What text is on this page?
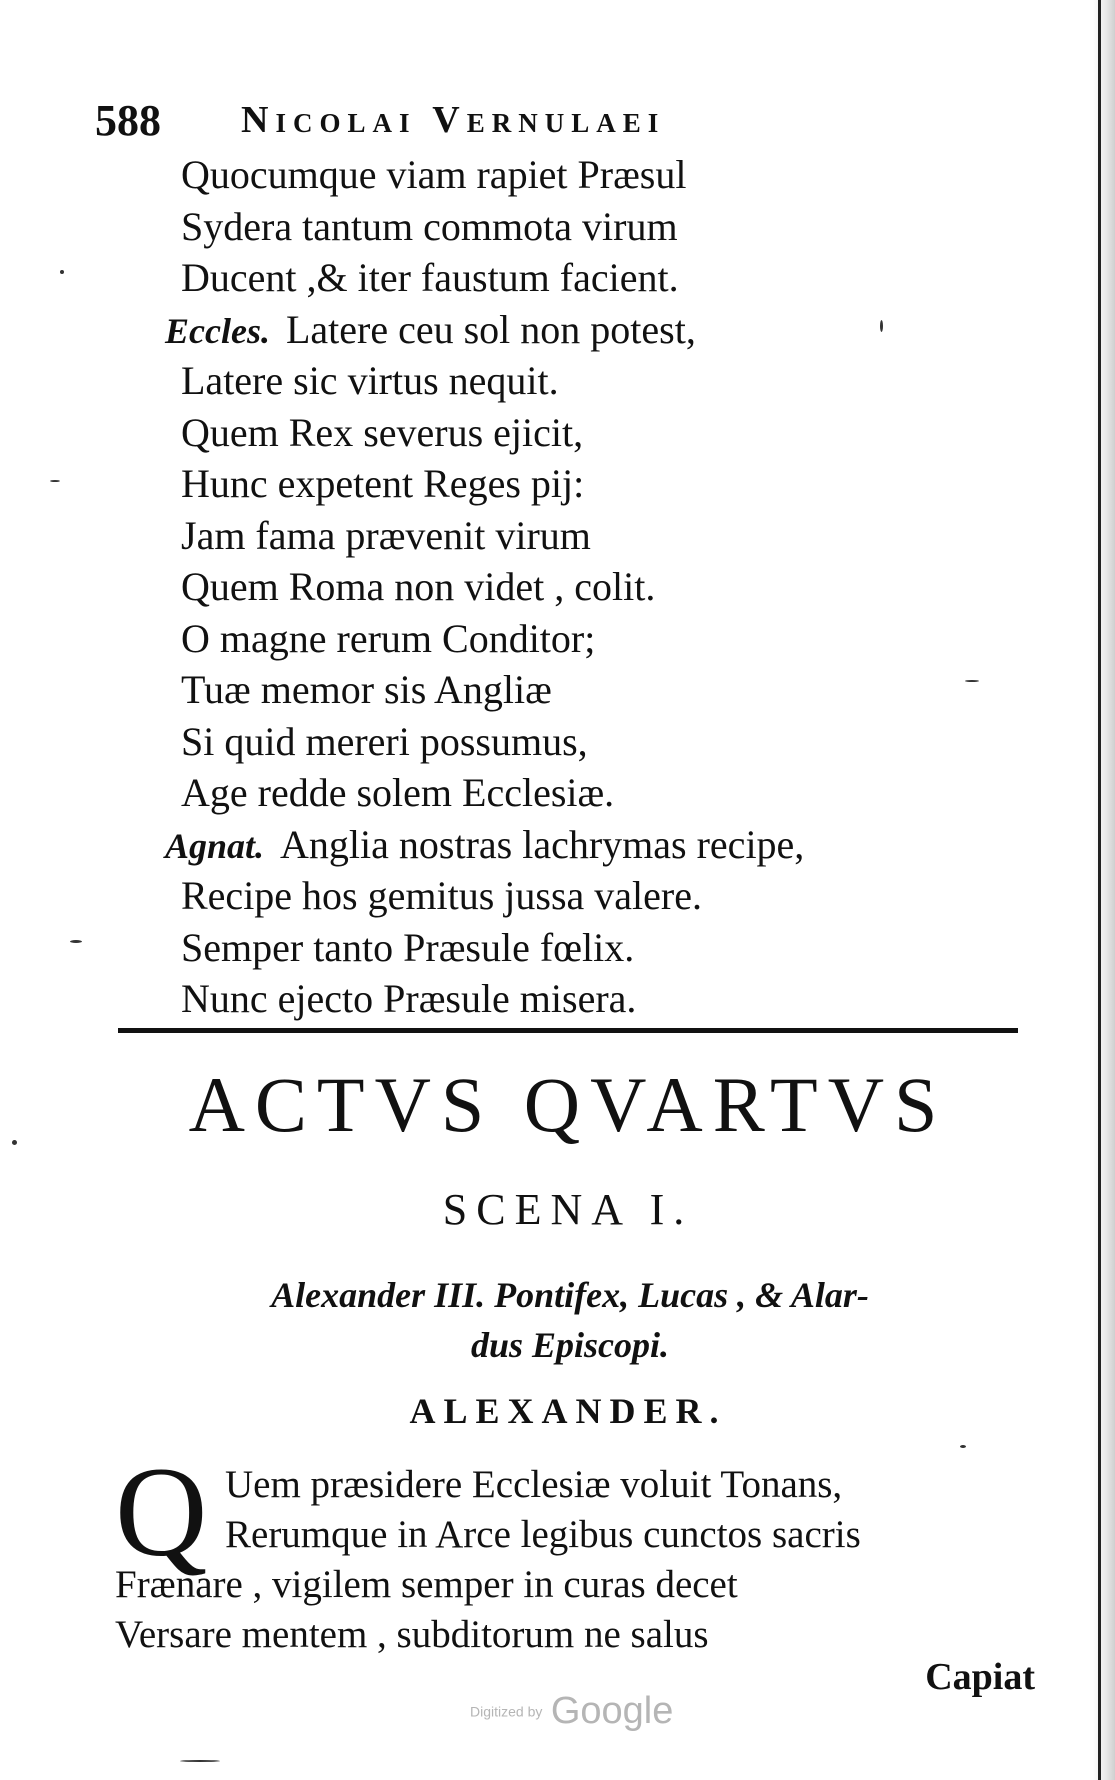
588 Nicolai Vernulaei
Quocumque viam rapiet Præsul
Sydera tantum commota virum
Ducent ,& iter faustum facient.
Eccles. Latere ceu sol non potest,
Latere sic virtus nequit.
Quem Rex severus ejicit,
Hunc expetent Reges pij:
Jam fama prævenit virum
Quem Roma non videt , colit.
O magne rerum Conditor;
Tuæ memor sis Angliæ
Si quid mereri possumus,
Age redde solem Ecclesiæ.
Agnat. Anglia nostras lachrymas recipe,
Recipe hos gemitus jussa valere.
Semper tanto Præsule fœlix.
Nunc ejecto Præsule misera.
ACTVS QVARTVS
SCENA I.
Alexander III. Pontifex, Lucas , & Alar-
dus Episcopi.
ALEXANDER.
Q Uem præsidere Ecclesiæ voluit Tonans,
Rerumque in Arce legibus cunctos sacris
Frænare , vigilem semper in curas decet
Versare mentem , subditorum ne salus
Capiat
Digitized by Google
